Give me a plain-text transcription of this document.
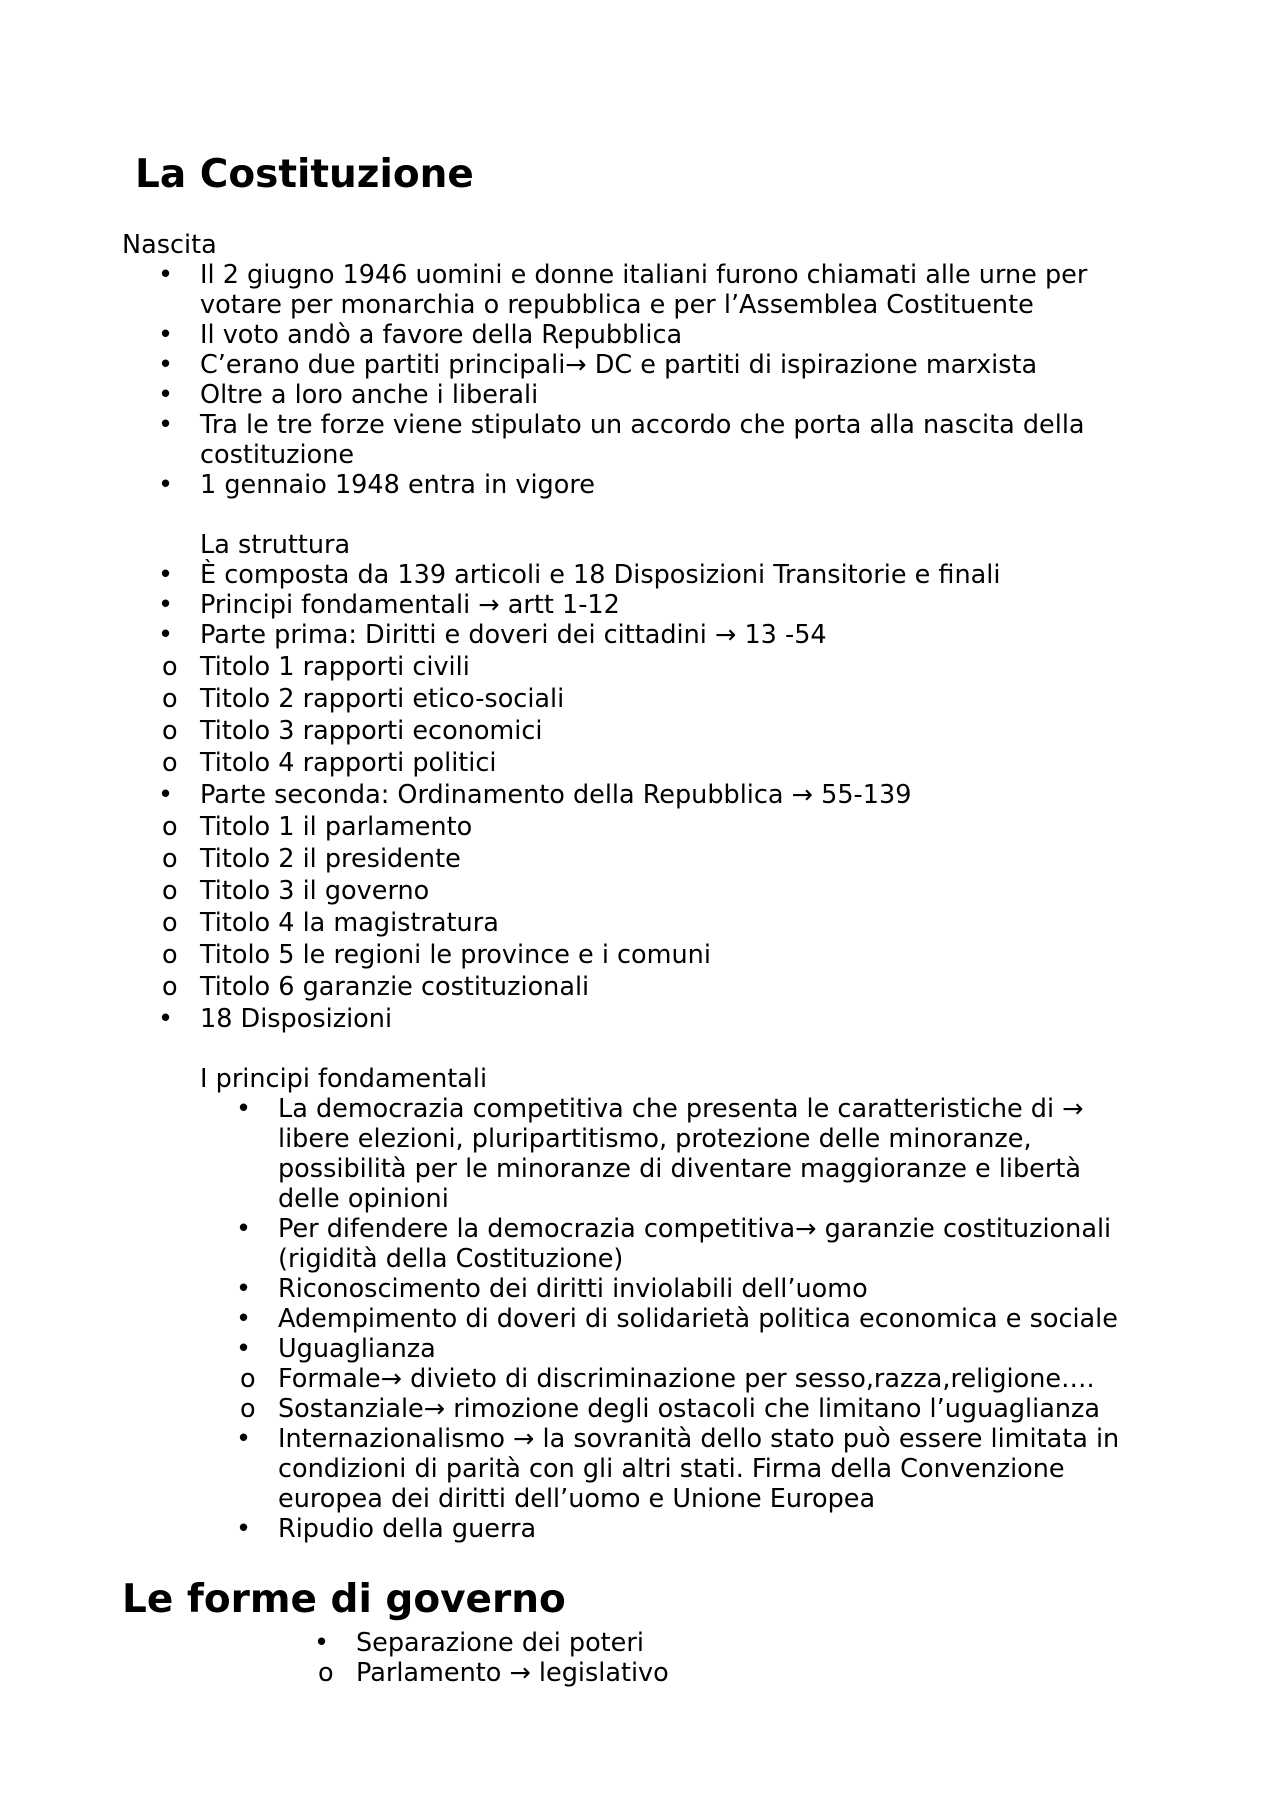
La Costituzione
Nascita
•	Il 2 giugno 1946 uomini e donne italiani furono chiamati alle urne per
votare per monarchia o repubblica e per l’Assemblea Costituente
•	Il voto andò a favore della Repubblica
•	C’erano due partiti principali→ DC e partiti di ispirazione marxista
•	Oltre a loro anche i liberali
•	Tra le tre forze viene stipulato un accordo che porta alla nascita della
costituzione
•	1 gennaio 1948 entra in vigore
La struttura
•	È composta da 139 articoli e 18 Disposizioni Transitorie e finali
•	Principi fondamentali → artt 1-12
•	Parte prima: Diritti e doveri dei cittadini → 13 -54
o Titolo 1 rapporti civili
o Titolo 2 rapporti etico-sociali
o Titolo 3 rapporti economici
o Titolo 4 rapporti politici
•	Parte seconda: Ordinamento della Repubblica → 55-139
o Titolo 1 il parlamento
o Titolo 2 il presidente
o Titolo 3 il governo
o Titolo 4 la magistratura
o Titolo 5 le regioni le province e i comuni
o Titolo 6 garanzie costituzionali
•	18 Disposizioni
I principi fondamentali
•	La democrazia competitiva che presenta le caratteristiche di →
libere elezioni, pluripartitismo, protezione delle minoranze,
possibilità per le minoranze di diventare maggioranze e libertà
delle opinioni
•	Per difendere la democrazia competitiva→ garanzie costituzionali
(rigidità della Costituzione)
•	Riconoscimento dei diritti inviolabili dell’uomo
•	Adempimento di doveri di solidarietà politica economica e sociale
•	Uguaglianza
o Formale→ divieto di discriminazione per sesso,razza,religione….
o Sostanziale→ rimozione degli ostacoli che limitano l’uguaglianza
•	Internazionalismo → la sovranità dello stato può essere limitata in
condizioni di parità con gli altri stati. Firma della Convenzione
europea dei diritti dell’uomo e Unione Europea
•	Ripudio della guerra
Le forme di governo
•	Separazione dei poteri
o Parlamento → legislativo
